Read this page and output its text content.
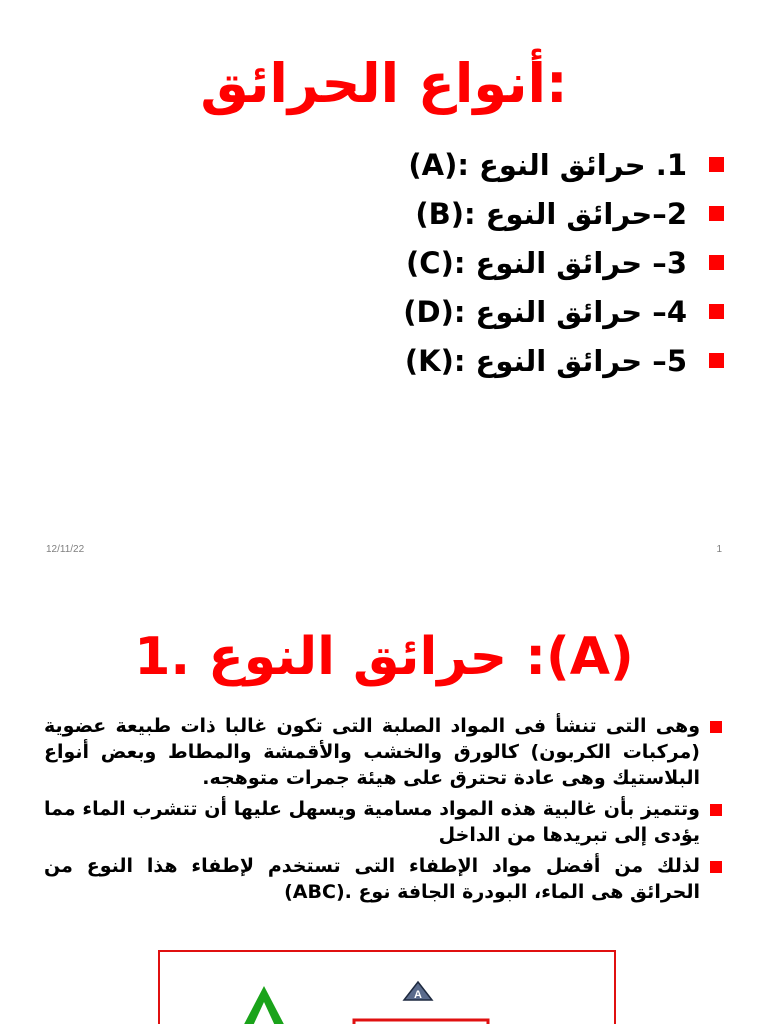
أنواع الحرائق:
1. حرائق النوع :(A)
2–حرائق النوع :(B)
3– حرائق النوع :(C)
4– حرائق النوع :(D)
5– حرائق النوع :(K)
12/11/22	1
1. حرائق النوع :(A)
وهى التى تنشأ فى المواد الصلبة التى تكون غالبا ذات طبيعة عضوية (مركبات الكربون) كالورق والخشب والأقمشة والمطاط وبعض أنواع البلاستيك وهى عادة تحترق على هيئة جمرات متوهجه.
وتتميز بأن غالبية هذه المواد مسامية ويسهل عليها أن تتشرب الماء مما يؤدى إلى تبريدها من الداخل
لذلك من أفضل مواد الإطفاء التى تستخدم لإطفاء هذا النوع من الحرائق هى الماء، البودرة الجافة نوع .(ABC)
A
